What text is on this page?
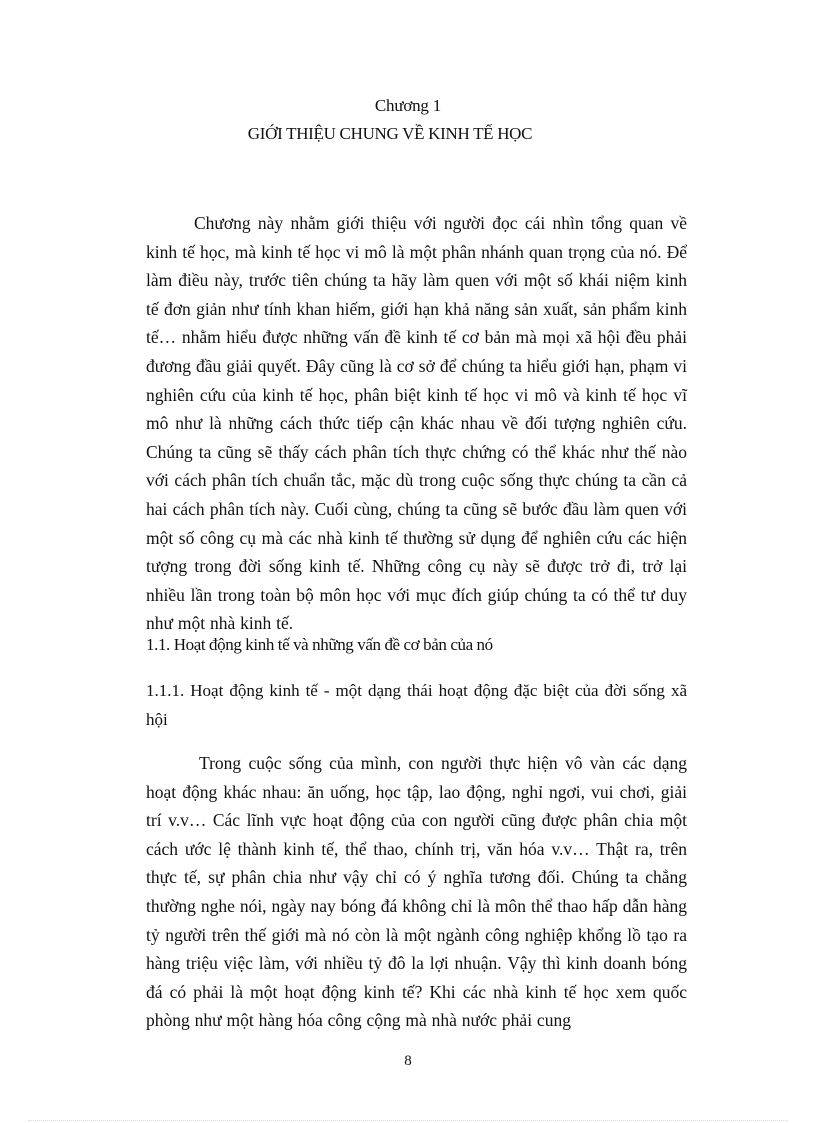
Chương 1
GIỚI THIỆU CHUNG VỀ KINH TẾ HỌC

Chương này nhằm giới thiệu với người đọc cái nhìn tổng quan về kinh tế học, mà kinh tế học vi mô là một phân nhánh quan trọng của nó. Để làm điều này, trước tiên chúng ta hãy làm quen với một số khái niệm kinh tế đơn giản như tính khan hiếm, giới hạn khả năng sản xuất, sản phẩm kinh tế… nhằm hiểu được những vấn đề kinh tế cơ bản mà mọi xã hội đều phải đương đầu giải quyết. Đây cũng là cơ sở để chúng ta hiểu giới hạn, phạm vi nghiên cứu của kinh tế học, phân biệt kinh tế học vi mô và kinh tế học vĩ mô như là những cách thức tiếp cận khác nhau về đối tượng nghiên cứu. Chúng ta cũng sẽ thấy cách phân tích thực chứng có thể khác như thế nào với cách phân tích chuẩn tắc, mặc dù trong cuộc sống thực chúng ta cần cả hai cách phân tích này. Cuối cùng, chúng ta cũng sẽ bước đầu làm quen với một số công cụ mà các nhà kinh tế thường sử dụng để nghiên cứu các hiện tượng trong đời sống kinh tế. Những công cụ này sẽ được trở đi, trở lại nhiều lần trong toàn bộ môn học với mục đích giúp chúng ta có thể tư duy như một nhà kinh tế.

1.1. Hoạt động kinh tế và những vấn đề cơ bản của nó

1.1.1. Hoạt động kinh tế - một dạng thái hoạt động đặc biệt của đời sống xã hội

Trong cuộc sống của mình, con người thực hiện vô vàn các dạng hoạt động khác nhau: ăn uống, học tập, lao động, nghỉ ngơi, vui chơi, giải trí v.v… Các lĩnh vực hoạt động của con người cũng được phân chia một cách ước lệ thành kinh tế, thể thao, chính trị, văn hóa v.v… Thật ra, trên thực tế, sự phân chia như vậy chỉ có ý nghĩa tương đối. Chúng ta chẳng thường nghe nói, ngày nay bóng đá không chỉ là môn thể thao hấp dẫn hàng tỷ người trên thế giới mà nó còn là một ngành công nghiệp khổng lồ tạo ra hàng triệu việc làm, với nhiều tỷ đô la lợi nhuận. Vậy thì kinh doanh bóng đá có phải là một hoạt động kinh tế? Khi các nhà kinh tế học xem quốc phòng như một hàng hóa công cộng mà nhà nước phải cung

8
